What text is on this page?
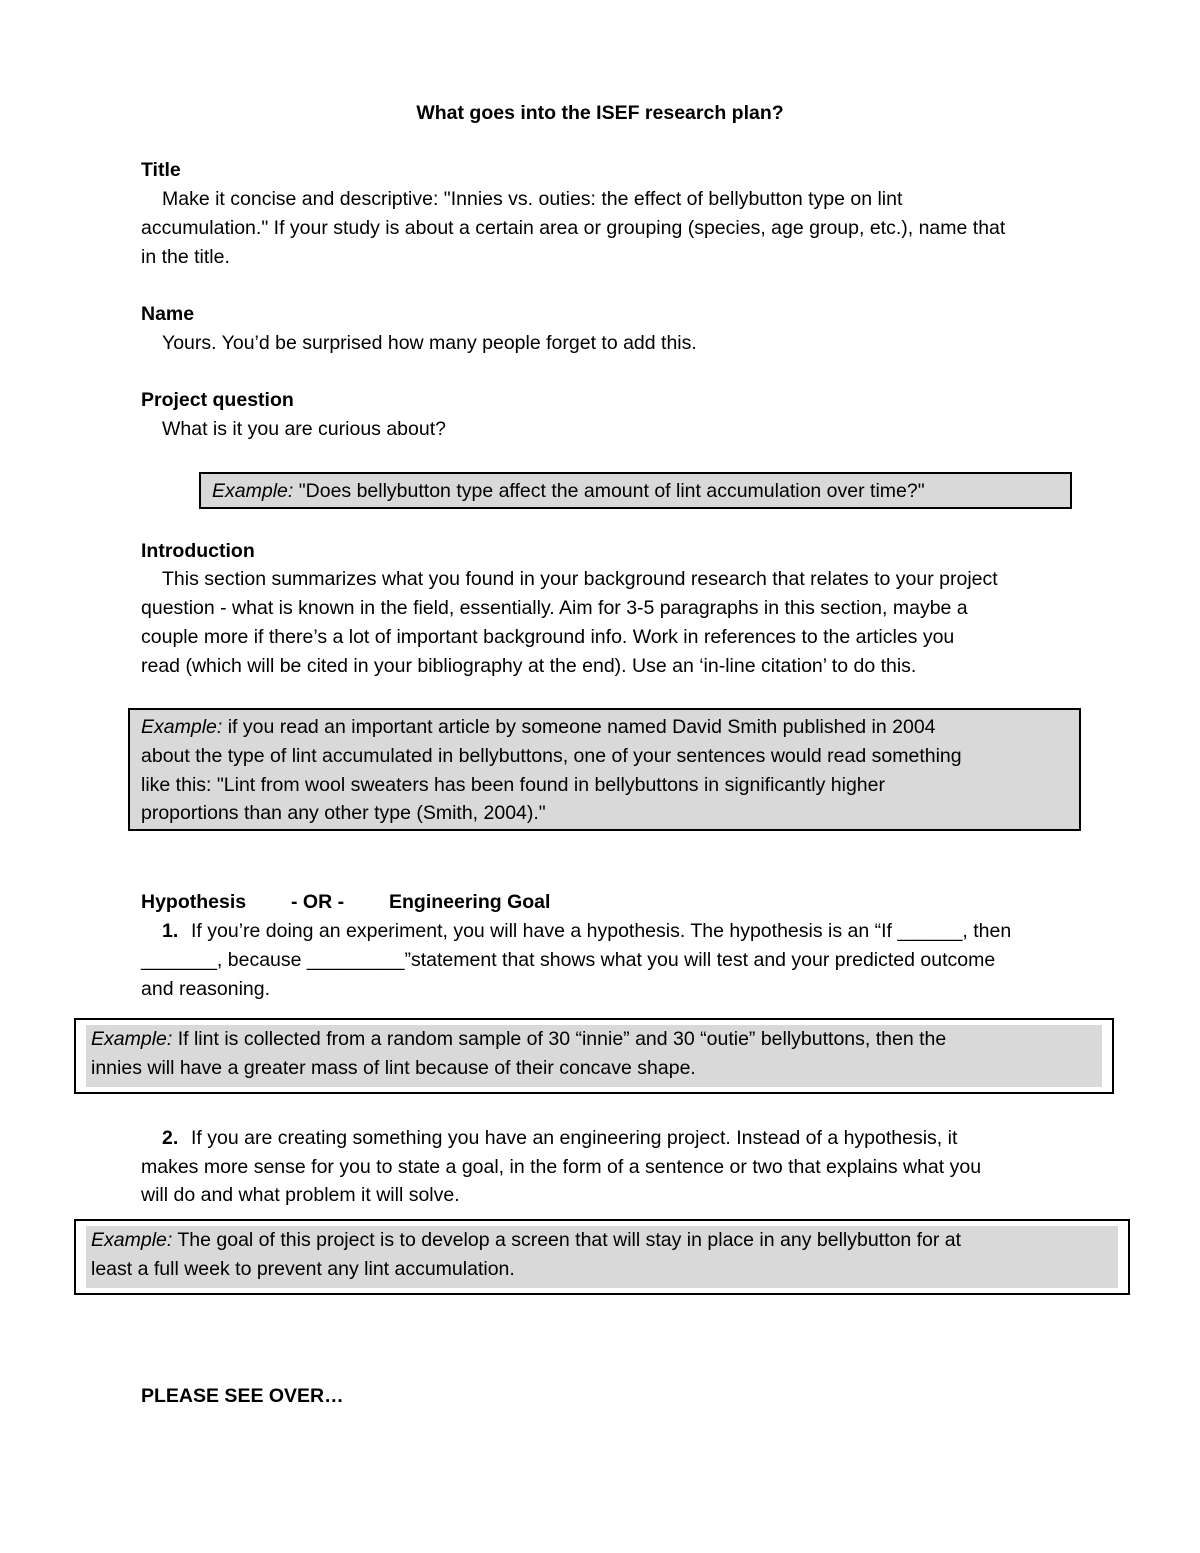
What goes into the ISEF research plan?
Title
Make it concise and descriptive: "Innies vs. outies: the effect of bellybutton type on lint
accumulation." If your study is about a certain area or grouping (species, age group, etc.), name that
in the title.
Name
Yours. You’d be surprised how many people forget to add this.
Project question
What is it you are curious about?
Example: "Does bellybutton type affect the amount of lint accumulation over time?"
Introduction
This section summarizes what you found in your background research that relates to your project
question - what is known in the field, essentially. Aim for 3-5 paragraphs in this section, maybe a
couple more if there’s a lot of important background info. Work in references to the articles you
read (which will be cited in your bibliography at the end). Use an ‘in-line citation’ to do this.
Example: if you read an important article by someone named David Smith published in 2004
about the type of lint accumulated in bellybuttons, one of your sentences would read something
like this: "Lint from wool sweaters has been found in bellybuttons in significantly higher
proportions than any other type (Smith, 2004)."
Hypothesis - OR - Engineering Goal
1. If you’re doing an experiment, you will have a hypothesis. The hypothesis is an “If ______, then
_______, because _________”statement that shows what you will test and your predicted outcome
and reasoning.
Example: If lint is collected from a random sample of 30 “innie” and 30 “outie” bellybuttons, then the
innies will have a greater mass of lint because of their concave shape.
2. If you are creating something you have an engineering project. Instead of a hypothesis, it
makes more sense for you to state a goal, in the form of a sentence or two that explains what you
will do and what problem it will solve.
Example: The goal of this project is to develop a screen that will stay in place in any bellybutton for at
least a full week to prevent any lint accumulation.
PLEASE SEE OVER…
